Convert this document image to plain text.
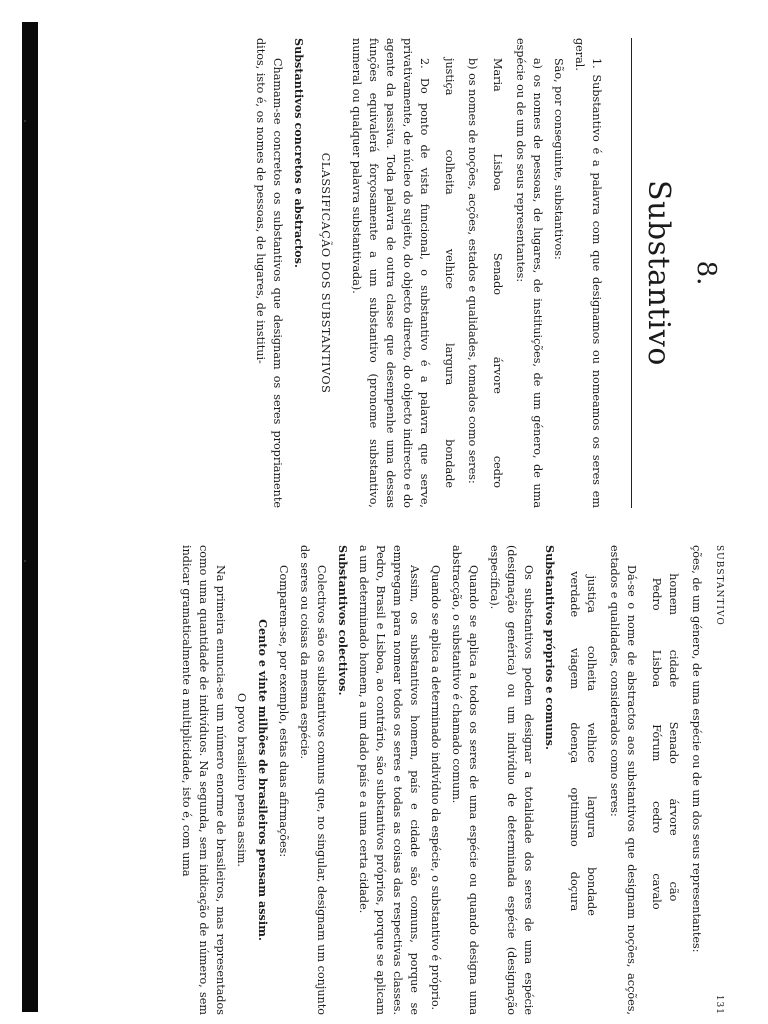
8.

Substantivo

1. Substantivo é a palavra com que designamos ou nomeamos os seres em geral.

São, por conseguinte, substantivos:

a) os nomes de pessoas, de lugares, de instituições, de um género, de uma espécie ou de um dos seus representantes:

Maria
Lisboa
Senado
árvore
cedro

b) os nomes de noções, acções, estados e qualidades, tomados como seres:

justiça
colheita
velhice
largura
bondade

2. Do ponto de vista funcional, o substantivo é a palavra que serve, privativamente, de núcleo do sujeito, do objecto directo, do objecto indirecto e do agente da passiva. Toda palavra de outra classe que desempenhe uma dessas funções equivalerá forçosamente a um substantivo (pronome substantivo, numeral ou qualquer palavra substantivada).

CLASSIFICAÇÃO DOS SUBSTANTIVOS

Substantivos concretos e abstractos.

Chamam-se concretos os substantivos que designam os seres propriamente ditos, isto é, os nomes de pessoas, de lugares, de institui-

SUBSTANTIVO
131

ções, de um género, de uma espécie ou de um dos seus representantes:

homem
cidade
Senado
árvore
cão
Pedro
Lisboa
Fórum
cedro
cavalo

Dá-se o nome de abstractos aos substantivos que designam noções, acções, estados e qualidades, considerados como seres:

justiça
colheita
velhice
largura
bondade
verdade
viagem
doença
optimismo
doçura

Substantivos próprios e comuns.

Os substantivos podem designar a totalidade dos seres de uma espécie (designação genérica) ou um indivíduo de determinada espécie (designação específica).

Quando se aplica a todos os seres de uma espécie ou quando designa uma abstracção, o substantivo é chamado comum.

Quando se aplica a determinado indivíduo da espécie, o substantivo é próprio.

Assim, os substantivos homem, país e cidade são comuns, porque se empregam para nomear todos os seres e todas as coisas das respectivas classes. Pedro, Brasil e Lisboa, ao contrário, são substantivos próprios, porque se aplicam a um determinado homem, a um dado país e a uma certa cidade.

Substantivos colectivos.

Colectivos são os substantivos comuns que, no singular, designam um conjunto de seres ou coisas da mesma espécie.

Comparem-se, por exemplo, estas duas afirmações:

Cento e vinte milhões de brasileiros pensam assim.

O povo brasileiro pensa assim.

Na primeira enuncia-se um número enorme de brasileiros, mas representados como uma quantidade de indivíduos. Na segunda, sem indicação de número, sem indicar gramaticalmente a multiplicidade, isto é, com uma
